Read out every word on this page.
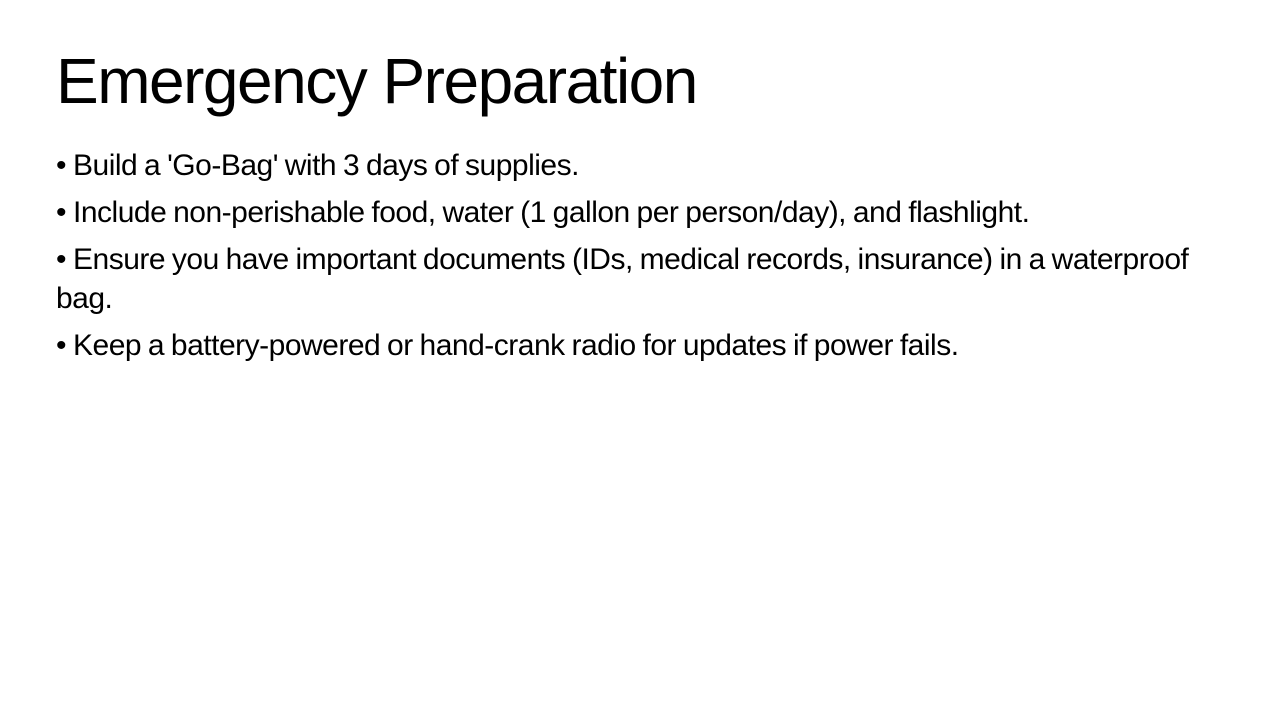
Emergency Preparation

• Build a 'Go-Bag' with 3 days of supplies.

• Include non-perishable food, water (1 gallon per person/day), and flashlight.

• Ensure you have important documents (IDs, medical records, insurance) in a waterproof bag.

• Keep a battery-powered or hand-crank radio for updates if power fails.
